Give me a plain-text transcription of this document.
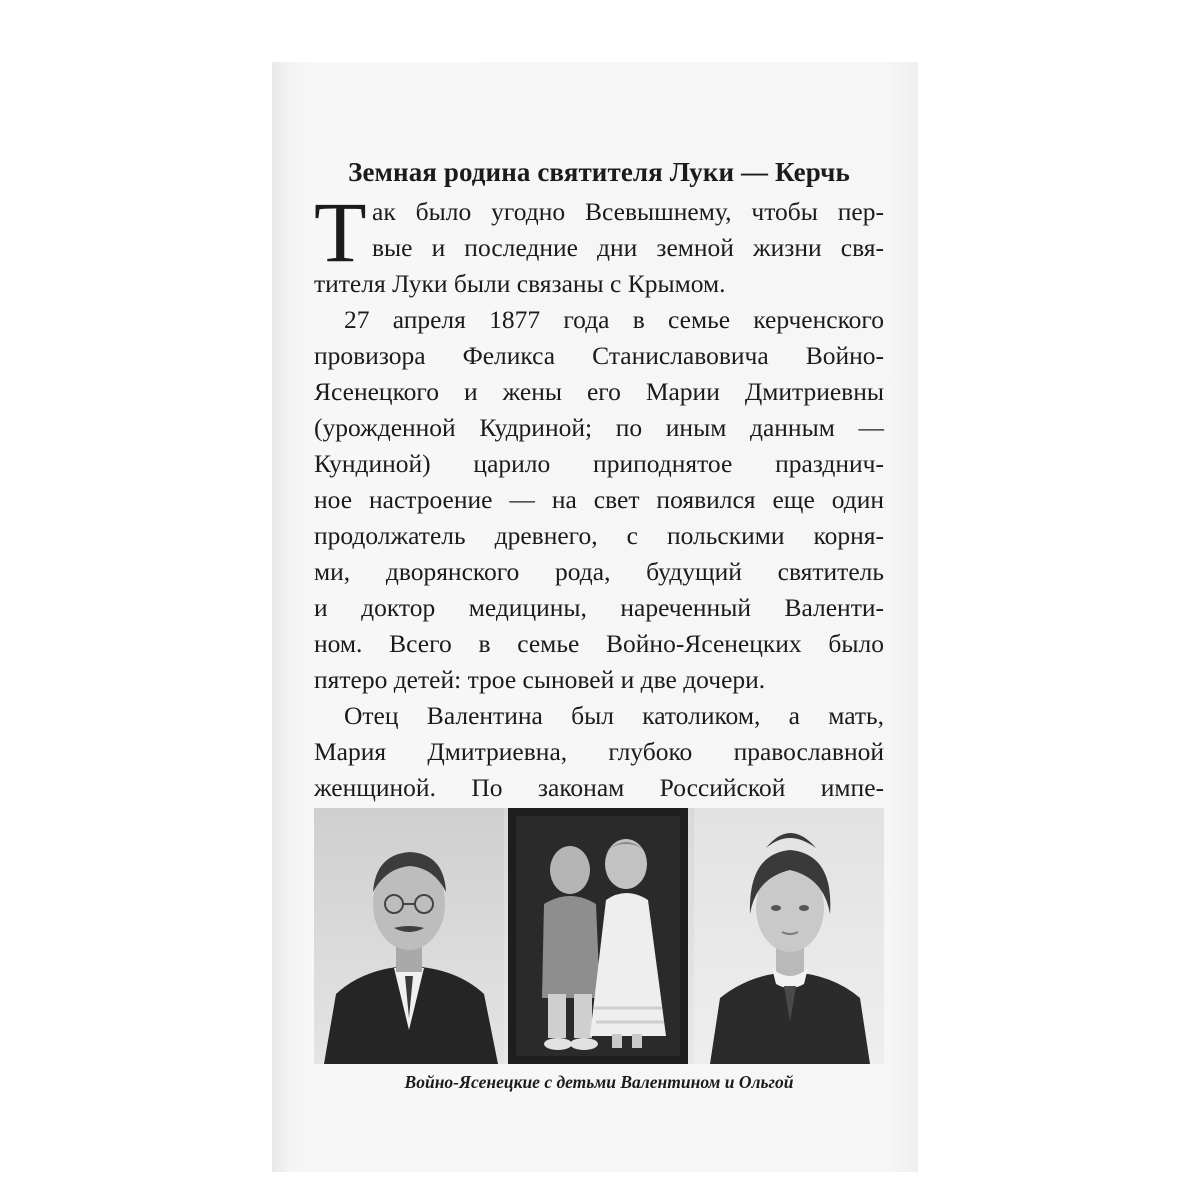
Земная родина святителя Луки — Керчь
Т ак было угодно Всевышнему, чтобы пер-
вые и последние дни земной жизни свя-
тителя Луки были связаны с Крымом.
27 апреля 1877 года в семье керченского
провизора Феликса Станиславовича Войно-
Ясенецкого и жены его Марии Дмитриевны
(урожденной Кудриной; по иным данным —
Кундиной) царило приподнятое празднич-
ное настроение — на свет появился еще один
продолжатель древнего, с польскими корня-
ми, дворянского рода, будущий святитель
и доктор медицины, нареченный Валенти-
ном. Всего в семье Войно-Ясенецких было
пятеро детей: трое сыновей и две дочери.
Отец Валентина был католиком, а мать,
Мария Дмитриевна, глубоко православной
женщиной. По законам Российской импе-
Войно-Ясенецкие с детьми Валентином и Ольгой
